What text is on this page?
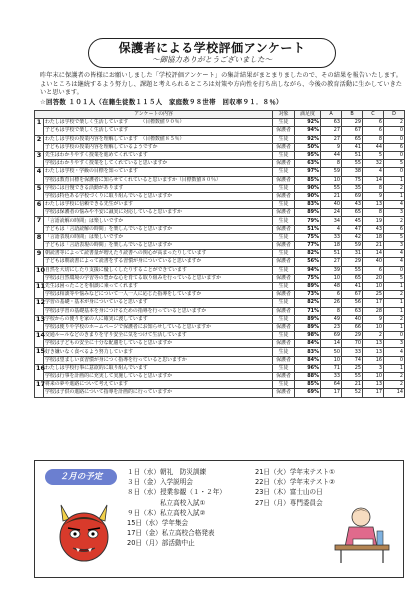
保護者による学校評価アンケート
～御協力ありがとうございました～
昨年末に保護者の皆様にお願いしました「学校評価アンケート」の集計結果がまとまりましたので、その結果を報告いたします。よいところは継続するよう努力し、課題と考えられるところは対策や方向性を打ち出しながら、今後の教育活動に生かしていきたいと思います。
☆回答数 １０１人（在籍生徒数１１５人　家庭数９８世帯　回収率９１．８％）
アンケートの内容		対象	満足度	A	B	C	D
1	わたしは学校で楽しく生活しています　　　（目標数値９０％）	生徒	92%	63	29	6	2
	子どもは学校で楽しく生活しています	保護者	94%	27	67	6	0
2	わたしは学校の授業内容を理解しています　（目標数値８５％）	生徒	92%	27	65	8	0
	子どもは学校の授業内容を理解しているようですか	保護者	50%	9	41	44	6
3	先生はわかりやすく授業を進めてくれています	生徒	95%	44	51	5	0
	学校はわかりやすく授業をしてくれていると思いますか	保護者	63%	8	55	32	5
4	わたしは学校・学級の目標を知っています	生徒	97%	59	38	4	0
	学校は教育目標を保護者に知らせてくれていると思いますか（目標数値８０％）	保護者	85%	10	75	14	1
5	学校には自慢できる活動があります	生徒	90%	55	35	8	2
	学校は特色ある学校づくりに取り組んでいると思いますか	保護者	90%	21	69	9	1
6	わたしは学校に信頼できる先生がいます	生徒	83%	40	43	13	4
	学校は保護者の悩みや不安に誠実に対応していると思いますか	保護者	89%	24	65	8	3
7	「言語読解の時間」は楽しいですか	生徒	79%	34	45	19	2
	子どもは「言語読解の時間」を楽しんでいると思いますか	保護者	51%	4	47	43	6
8	「言語表現の時間」は楽しいですか	生徒	75%	33	42	18	5
	子どもは「言語表現の時間」を楽しんでいると思いますか	保護者	77%	18	59	21	3
9	朝読書等によって読書量が増えたり読書への関心が高まったりしています	生徒	82%	51	31	14	4
	子どもは朝読書によって読書をする習慣が身についていると思いますか	保護者	56%	27	29	40	4
10	自然を大切にしたり支援に優しくしたりすることができています	生徒	94%	39	55	6	0
	学校は自然環境の学習等の豊かな心を育てる取り組みを行っていると思いますか	保護者	75%	10	65	20	5
11	先生は困ったことを相談に乗ってくれます	生徒	89%	48	41	10	1
	学校は相談等や悩みなどについて一人一人に応じた指導をしていますか	保護者	73%	6	67	25	2
12	学習の基礎・基本が身についていると思います	生徒	82%	26	56	17	1
	学校は学習の基礎基本を身につけるための指導を行っていると思いますか	保護者	71%	8	63	28	1
13	学校からの便りを家の人に確実に渡しています	生徒	89%	49	40	9	2
	学校は便りや学校のホームページで保護者にお知らせしていると思いますか	保護者	89%	23	66	10	1
14	交通ルールなどのきまりを守り安全に気をつけて生活しています	生徒	98%	69	29	2	0
	学校は子どもの安全に十分な配慮をしていると思いますか	保護者	84%	14	70	13	3
15	好き嫌いなく食べるよう努力しています	生徒	83%	50	33	13	4
	学校は望ましい食習慣が身につく指導を行っていると思いますか	保護者	84%	10	74	16	0
16	わたしは学校行事に意欲的に取り組んでいます	生徒	96%	71	25	3	1
	学校は行事を計画的に充実して実施していると思いますか	保護者	88%	33	55	10	2
17	将来の夢や進路について考えています	生徒	85%	64	21	13	2
	学校は子供の進路について指導を計画的に行っていますか	保護者	69%	17	52	17	14
２月の予定	１日（水）朝礼　防災訓練
３日（金）入学説明会
８日（水）授業参観（１・２年）
　　　　　私立高校入試①
９日（木）私立高校入試②
15日（水）学年集会
17日（金）私立高校合格発表
20日（月）部活動中止
21日（火）学年末テスト①
22日（水）学年末テスト②
23日（木）富士山の日
27日（月）専門委員会
